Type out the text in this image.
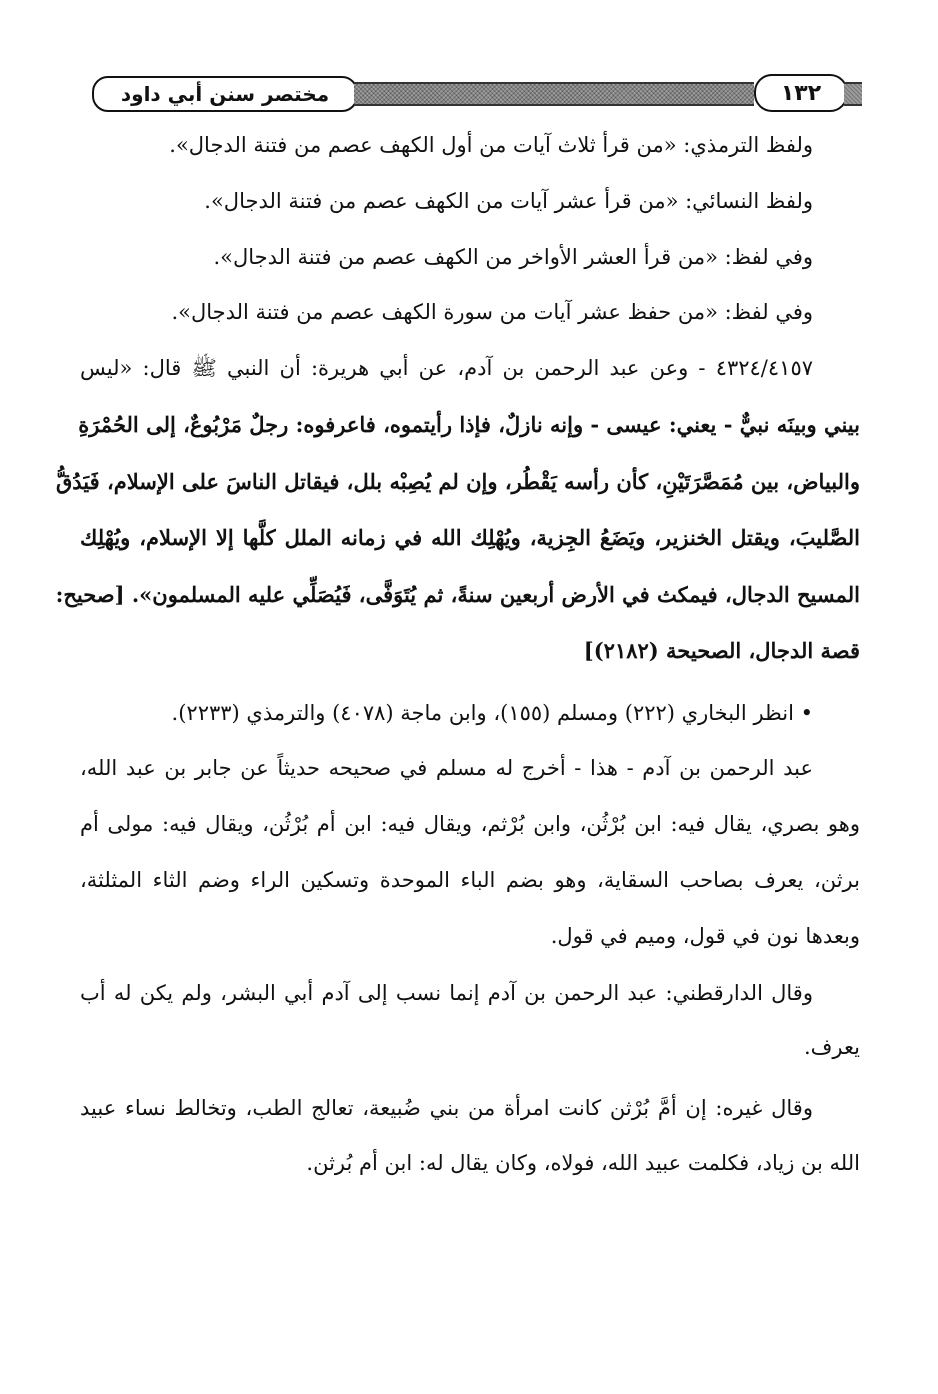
مختصر سنن أبي داود	١٣٢
ولفظ الترمذي: «من قرأ ثلاث آيات من أول الكهف عصم من فتنة الدجال».
ولفظ النسائي: «من قرأ عشر آيات من الكهف عصم من فتنة الدجال».
وفي لفظ: «من قرأ العشر الأواخر من الكهف عصم من فتنة الدجال».
وفي لفظ: «من حفظ عشر آيات من سورة الكهف عصم من فتنة الدجال».
٤٣٢٤/٤١٥٧ - وعن عبد الرحمن بن آدم، عن أبي هريرة: أن النبي ﷺ قال: «ليس
بيني وبينَه نبيٌّ - يعني: عيسى - وإنه نازلٌ، فإذا رأيتموه، فاعرفوه: رجلٌ مَرْبُوعٌ، إلى الحُمْرَةِ
والبياض، بين مُمَصَّرَتَيْنِ، كأن رأسه يَقْطُر، وإن لم يُصِبْه بلل، فيقاتل الناسَ على الإسلام، فَيَدُقُّ
الصَّليبَ، ويقتل الخنزير، ويَضَعُ الجِزية، ويُهْلِك الله في زمانه الملل كلَّها إلا الإسلام، ويُهْلِك
المسيح الدجال، فيمكث في الأرض أربعين سنةً، ثم يُتَوَفَّى، فَيُصَلِّي عليه المسلمون». [صحيح:
قصة الدجال، الصحيحة (٢١٨٢)]
• انظر البخاري (٢٢٢) ومسلم (١٥٥)، وابن ماجة (٤٠٧٨) والترمذي (٢٢٣٣).
عبد الرحمن بن آدم - هذا - أخرج له مسلم في صحيحه حديثاً عن جابر بن عبد الله،
وهو بصري، يقال فيه: ابن بُرْثُن، وابن بُرْثم، ويقال فيه: ابن أم بُرْثُن، ويقال فيه: مولى أم
برثن، يعرف بصاحب السقاية، وهو بضم الباء الموحدة وتسكين الراء وضم الثاء المثلثة،
وبعدها نون في قول، وميم في قول.
وقال الدارقطني: عبد الرحمن بن آدم إنما نسب إلى آدم أبي البشر، ولم يكن له أب
يعرف.
وقال غيره: إن أمَّ بُرْثن كانت امرأة من بني ضُبيعة، تعالج الطب، وتخالط نساء عبيد
الله بن زياد، فكلمت عبيد الله، فولاه، وكان يقال له: ابن أم بُرثن.
